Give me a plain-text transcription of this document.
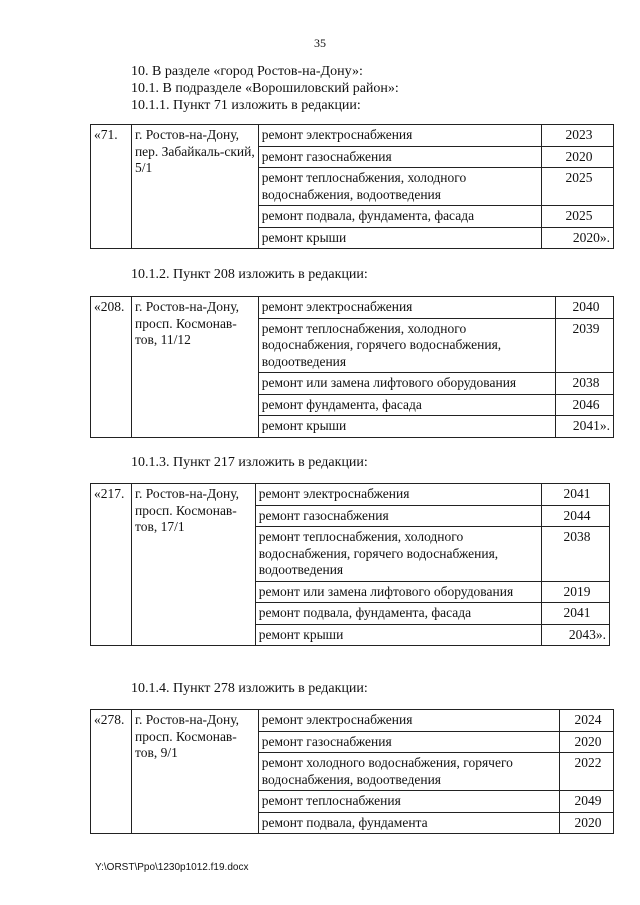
35
10. В разделе «город Ростов-на-Дону»:
10.1. В подразделе «Ворошиловский район»:
10.1.1. Пункт 71 изложить в редакции:
«71.	г. Ростов-на-Дону, пер. Забайкаль-ский, 5/1	ремонт электроснабжения	2023
		ремонт газоснабжения	2020
		ремонт теплоснабжения, холодного водоснабжения, водоотведения	2025
		ремонт подвала, фундамента, фасада	2025
		ремонт крыши	2020».
10.1.2. Пункт 208 изложить в редакции:
«208.	г. Ростов-на-Дону, просп. Космонав-тов, 11/12	ремонт электроснабжения	2040
		ремонт теплоснабжения, холодного водоснабжения, горячего водоснабжения, водоотведения	2039
		ремонт или замена лифтового оборудования	2038
		ремонт фундамента, фасада	2046
		ремонт крыши	2041».
10.1.3. Пункт 217 изложить в редакции:
«217.	г. Ростов-на-Дону, просп. Космонав-тов, 17/1	ремонт электроснабжения	2041
		ремонт газоснабжения	2044
		ремонт теплоснабжения, холодного водоснабжения, горячего водоснабжения, водоотведения	2038
		ремонт или замена лифтового оборудования	2019
		ремонт подвала, фундамента, фасада	2041
		ремонт крыши	2043».
10.1.4. Пункт 278 изложить в редакции:
«278.	г. Ростов-на-Дону, просп. Космонав-тов, 9/1	ремонт электроснабжения	2024
		ремонт газоснабжения	2020
		ремонт холодного водоснабжения, горячего водоснабжения, водоотведения	2022
		ремонт теплоснабжения	2049
		ремонт подвала, фундамента	2020
Y:\ORST\Ppo\1230p1012.f19.docx
